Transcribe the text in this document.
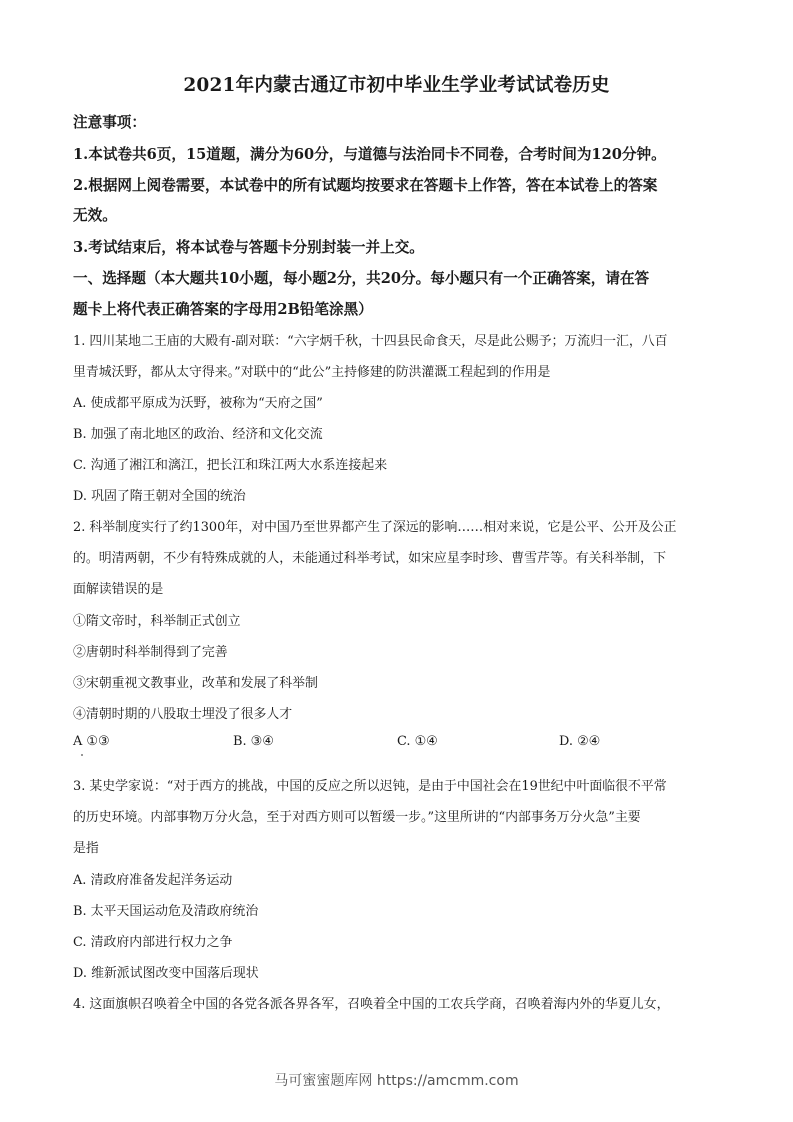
2021年内蒙古通辽市初中毕业生学业考试试卷历史
注意事项：
1.本试卷共6页，15道题，满分为60分，与道德与法治同卡不同卷，合考时间为120分钟。
2.根据网上阅卷需要，本试卷中的所有试题均按要求在答题卡上作答，答在本试卷上的答案
无效。
3.考试结束后，将本试卷与答题卡分别封装一并上交。
一、选择题（本大题共10小题，每小题2分，共20分。每小题只有一个正确答案，请在答
题卡上将代表正确答案的字母用2B铅笔涂黑）
1. 四川某地二王庙的大殿有-副对联：“六字炳千秋，十四县民命食天，尽是此公赐予；万流归一汇，八百
里青城沃野，都从太守得来。”对联中的“此公”主持修建的防洪灌溉工程起到的作用是
A. 使成都平原成为沃野，被称为“天府之国”
B. 加强了南北地区的政治、经济和文化交流
C. 沟通了湘江和漓江，把长江和珠江两大水系连接起来
D. 巩固了隋王朝对全国的统治
2. 科举制度实行了约1300年，对中国乃至世界都产生了深远的影响……相对来说，它是公平、公开及公正
的。明清两朝，不少有特殊成就的人，未能通过科举考试，如宋应星李时珍、曹雪芹等。有关科举制，下
面解读错误的是
①隋文帝时，科举制正式创立
②唐朝时科举制得到了完善
③宋朝重视文教事业，改革和发展了科举制
④清朝时期的八股取士埋没了很多人才
A ①③	B. ③④	C. ①④	D. ②④
3. 某史学家说：“对于西方的挑战，中国的反应之所以迟钝，是由于中国社会在19世纪中叶面临很不平常
的历史环境。内部事物万分火急，至于对西方则可以暂缓一步。”这里所讲的“内部事务万分火急”主要
是指
A. 清政府准备发起洋务运动
B. 太平天国运动危及清政府统治
C. 清政府内部进行权力之争
D. 维新派试图改变中国落后现状
4. 这面旗帜召唤着全中国的各党各派各界各军，召唤着全中国的工农兵学商，召唤着海内外的华夏儿女，
马可蜜蜜题库网 https://amcmm.com
